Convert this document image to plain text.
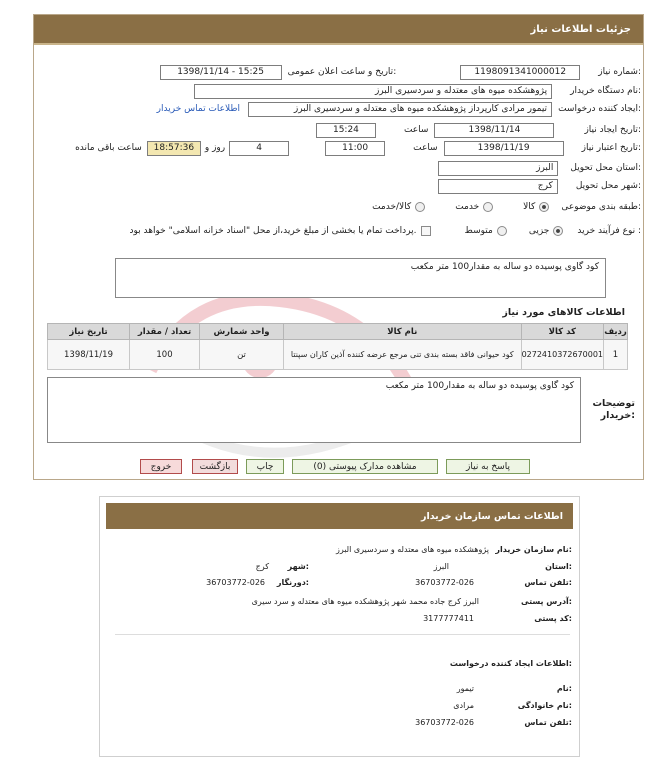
جزئیات اطلاعات نیاز
شماره نیاز:
1198091341000012
تاریخ و ساعت اعلان عمومی:
1398/11/14 - 15:25
نام دستگاه خریدار:
پژوهشکده میوه های معتدله و سردسیری البرز
ایجاد کننده درخواست:
تیمور مرادی کارپرداز پژوهشکده میوه های معتدله و سردسیری البرز
اطلاعات تماس خریدار
تاریخ ایجاد نیاز:
1398/11/14
ساعت
15:24
تاریخ اعتبار نیاز:
1398/11/19
ساعت
11:00
4
روز و
18:57:36
ساعت باقی مانده
استان محل تحویل:
البرز
شهر محل تحویل:
کرج
طبقه بندی موضوعی:
کالا
خدمت
کالا/خدمت
نوع فرآیند خرید :
جزیی
متوسط
پرداخت تمام یا بخشی از مبلغ خرید،از محل "اسناد خزانه اسلامی" خواهد بود.
کود گاوی پوسیده دو ساله به مقدار100 متر مکعب
اطلاعات کالاهای مورد نیاز
تاریخ نیاز	تعداد / مقدار	واحد شمارش	نام کالا	کد کالا	ردیف
1398/11/19	100	تن	کود حیوانی فاقد بسته بندی تنی مرجع عرضه کننده آذین کاران سپنتا	0272410372670001	1
کود گاوی پوسیده دو ساله به مقدار100 متر مکعب
توضیحات خریدار:
پاسخ به نیاز
مشاهده مدارک پیوستی (0)
چاپ
بازگشت
خروج
اطلاعات تماس سازمان خریدار
نام سازمان خریدار:
پژوهشکده میوه های معتدله و سردسیری البرز
استان:
البرز
شهر:
کرج
تلفن تماس:
36703772-026
دورنگار:
36703772-026
آدرس پستی:
البرز کرج جاده محمد شهر پژوهشکده میوه های معتدله و سرد سیری
کد پستی:
3177777411
اطلاعات ایجاد کننده درخواست:
نام:
تیمور
نام خانوادگی:
مرادی
تلفن تماس:
36703772-026
